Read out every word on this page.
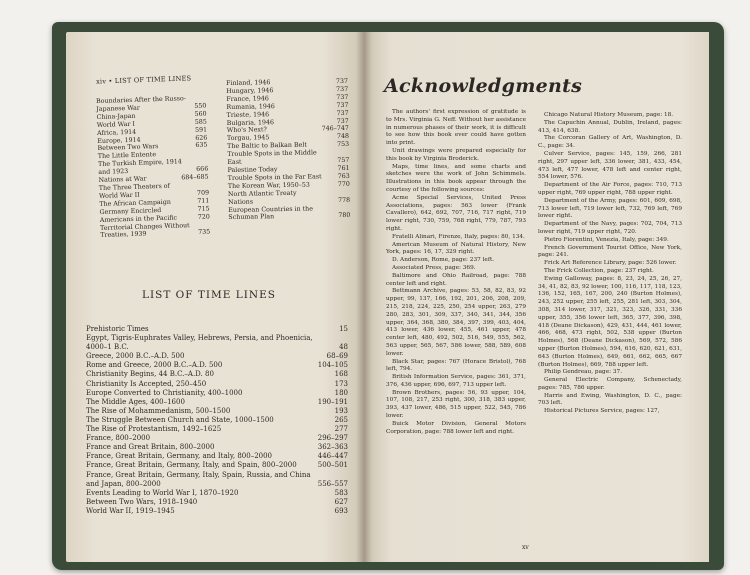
xiv • LIST OF TIME LINES
Boundaries After the Russo-
Japanese War	550
China-Japan	560
World War I	585
Africa, 1914	591
Europe, 1914	626
Between Two Wars	635
The Little Entente
The Turkish Empire, 1914
and 1923	666
Nations at War	684–685
The Three Theaters of
World War II	709
The African Campaign	711
Germany Encircled	715
Americans in the Pacific	720
Territorial Changes Without
Treaties, 1939	735
Finland, 1946	737
Hungary, 1946	737
France, 1946	737
Rumania, 1946	737
Trieste, 1946	737
Bulgaria, 1946	737
Who's Next?	746–747
Torgau, 1945	748
The Baltic to Balkan Belt	753
Trouble Spots in the Middle
East	757
Palestine Today	761
Trouble Spots in the Far East	763
The Korean War, 1950–53	770
North Atlantic Treaty
Nations	778
European Countries in the
Schuman Plan	780
LIST OF TIME LINES
Prehistoric Times	15
Egypt, Tigris-Euphrates Valley, Hebrews, Persia, and Phoenicia,
4000–1 B.C.	48
Greece, 2000 B.C.–A.D. 500	68–69
Rome and Greece, 2000 B.C.–A.D. 500	104–105
Christianity Begins, 44 B.C.–A.D. 80	168
Christianity Is Accepted, 250–450	173
Europe Converted to Christianity, 400–1000	180
The Middle Ages, 400–1600	190–191
The Rise of Mohammedanism, 500–1500	193
The Struggle Between Church and State, 1000–1500	265
The Rise of Protestantism, 1492–1625	277
France, 800–2000	296–297
France and Great Britain, 800–2000	362–363
France, Great Britain, Germany, and Italy, 800–2000	446–447
France, Great Britain, Germany, Italy, and Spain, 800–2000	500–501
France, Great Britain, Germany, Italy, Spain, Russia, and China
and Japan, 800–2000	556–557
Events Leading to World War I, 1870–1920	583
Between Two Wars, 1918–1940	627
World War II, 1919–1945	693
Acknowledgments

The authors' first expression of gratitude is to Mrs. Virginia G. Neff. Without her assistance in numerous phases of their work, it is difficult to see how this book ever could have gotten into print.

Unit drawings were prepared especially for this book by Virginia Broderick.

Maps, time lines, and some charts and sketches were the work of John Schimmels. Illustrations in this book appear through the courtesy of the following sources:

Acme Special Services, United Press Associations, pages: 563 lower (Frank Cavallero), 642, 692, 707, 716, 717 right, 719 lower right, 730, 759, 768 right, 779, 787, 793 right.

Fratelli Alinari, Firenze, Italy, pages: 80, 134.

American Museum of Natural History, New York, pages: 16, 17, 329 right.

D. Anderson, Rome, page: 237 left.

Associated Press, page: 369.

Baltimore and Ohio Railroad, page: 788 center left and right.

Bettmann Archive, pages: 53, 58, 82, 83, 92 upper, 99, 137, 166, 192, 201, 206, 208, 209, 215, 218, 224, 225, 250, 254 upper, 263, 279 280, 283, 301, 309, 337, 340, 341, 344, 356 upper, 364, 368, 380, 384, 397, 399, 403, 404, 413 lower, 436 lower, 455, 461 upper, 478 center left, 480, 492, 502, 516, 549, 555, 562, 563 upper, 565, 567, 586 lower, 588, 589, 608 lower.

Black Star, pages: 767 (Horace Bristol), 768 left, 794.

British Information Service, pages: 361, 371, 376, 436 upper, 696, 697, 713 upper left.

Brown Brothers, pages: 56, 93 upper, 104, 107, 108, 217, 253 right, 300, 318, 383 upper, 393, 437 lower, 486, 515 upper, 522, 545, 786 lower.

Buick Motor Division, General Motors Corporation, page: 788 lower left and right.

Chicago Natural History Museum, page: 18.

The Capuchin Annual, Dublin, Ireland, pages: 413, 414, 638.

The Corcoran Gallery of Art, Washington, D. C., page: 34.

Culver Service, pages: 145, 159, 266, 281 right, 297 upper left, 336 lower, 381, 433, 454, 473 left, 477 lower, 478 left and center right, 554 lower, 576.

Department of the Air Force, pages: 710, 713 upper right, 769 upper right, 788 upper right.

Department of the Army, pages: 601, 609, 698, 713 lower left, 719 lower left, 732, 769 left, 769 lower right.

Department of the Navy, pages: 702, 704, 713 lower right, 719 upper right, 720.

Pietro Fiorentini, Venezia, Italy, page: 349.

French Government Tourist Office, New York, page: 241.

Frick Art Reference Library, page: 526 lower.

The Frick Collection, page: 237 right.

Ewing Galloway, pages: 8, 23, 24, 25, 26, 27, 34, 41, 82, 83, 92 lower, 100, 116, 117, 118, 123, 136, 152, 165, 167, 200, 240 (Burton Holmes), 243, 252 upper, 255 left, 255, 281 left, 303, 304, 308, 314 lower, 317, 321, 323, 326, 331, 336 upper, 355, 356 lower left, 365, 377, 396, 398, 418 (Deane Dickason), 429, 431, 444, 461 lower, 466, 468, 473 right, 502, 538 upper (Burton Holmes), 568 (Deane Dickason), 569, 572, 586 upper (Burton Holmes), 594, 616, 620, 621, 631, 643 (Burton Holmes), 649, 661, 662, 665, 667 (Burton Holmes), 669, 788 upper left.

Philip Gendreau, page: 37.

General Electric Company, Schenectady, pages: 785, 786 upper.

Harris and Ewing, Washington, D. C., page: 703 left.

Historical Pictures Service, pages: 127,

xv
